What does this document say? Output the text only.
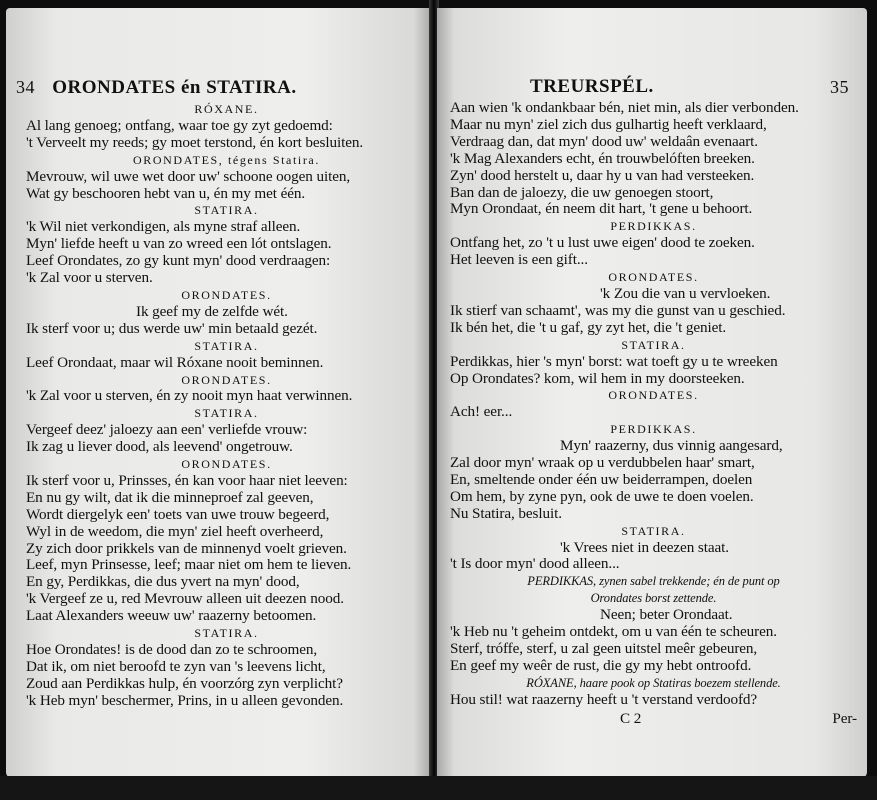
34 ORONDATES én STATIRA.
RÓXANE.
Al lang genoeg; ontfang, waar toe gy zyt gedoemd:
't Verveelt my reeds; gy moet terstond, én kort besluiten.
ORONDATES, tégens Statira.
Mevrouw, wil uwe wet door uw' schoone oogen uiten,
Wat gy beschooren hebt van u, én my met één.
STATIRA.
'k Wil niet verkondigen, als myne straf alleen.
Myn' liefde heeft u van zo wreed een lót ontslagen.
Leef Orondates, zo gy kunt myn' dood verdraagen:
'k Zal voor u sterven.
ORONDATES.
Ik geef my de zelfde wét.
Ik sterf voor u; dus werde uw' min betaald gezét.
STATIRA.
Leef Orondaat, maar wil Róxane nooit beminnen.
ORONDATES.
'k Zal voor u sterven, én zy nooit myn haat verwinnen.
STATIRA.
Vergeef deez' jaloezy aan een' verliefde vrouw:
Ik zag u liever dood, als leevend' ongetrouw.
ORONDATES.
Ik sterf voor u, Prinsses, én kan voor haar niet leeven:
En nu gy wilt, dat ik die minneproef zal geeven,
Wordt diergelyk een' toets van uwe trouw begeerd,
Wyl in de weedom, die myn' ziel heeft overheerd,
Zy zich door prikkels van de minnenyd voelt grieven.
Leef, myn Prinsesse, leef; maar niet om hem te lieven.
En gy, Perdikkas, die dus yvert na myn' dood,
'k Vergeef ze u, red Mevrouw alleen uit deezen nood.
Laat Alexanders weeuw uw' raazerny betoomen.
STATIRA.
Hoe Orondates! is de dood dan zo te schroomen,
Dat ik, om niet beroofd te zyn van 's leevens licht,
Zoud aan Perdikkas hulp, én voorzórg zyn verplicht?
'k Heb myn' beschermer, Prins, in u alleen gevonden.
TREURSPÉL.	35
Aan wien 'k ondankbaar bén, niet min, als dier verbonden.
Maar nu myn' ziel zich dus gulhartig heeft verklaard,
Verdraag dan, dat myn' dood uw' weldaân evenaart.
'k Mag Alexanders echt, én trouwbelóften breeken.
Zyn' dood herstelt u, daar hy u van had versteeken.
Ban dan de jaloezy, die uw genoegen stoort,
Myn Orondaat, én neem dit hart, 't gene u behoort.
PERDIKKAS.
Ontfang het, zo 't u lust uwe eigen' dood te zoeken.
Het leeven is een gift...
ORONDATES.
'k Zou die van u vervloeken.
Ik stierf van schaamt', was my die gunst van u geschied.
Ik bén het, die 't u gaf, gy zyt het, die 't geniet.
STATIRA.
Perdikkas, hier 's myn' borst: wat toeft gy u te wreeken
Op Orondates? kom, wil hem in my doorsteeken.
ORONDATES.
Ach! eer...
PERDIKKAS.
Myn' raazerny, dus vinnig aangesard,
Zal door myn' wraak op u verdubbelen haar' smart,
En, smeltende onder één uw beiderrampen, doelen
Om hem, by zyne pyn, ook de uwe te doen voelen.
Nu Statira, besluit.
STATIRA.
'k Vrees niet in deezen staat.
't Is door myn' dood alleen...
PERDIKKAS, zynen sabel trekkende; én de punt op
Orondates borst zettende.
Neen; beter Orondaat.
'k Heb nu 't geheim ontdekt, om u van één te scheuren.
Sterf, tróffe, sterf, u zal geen uitstel meêr gebeuren,
En geef my weêr de rust, die gy my hebt ontroofd.
RÓXANE, haare pook op Statiras boezem stellende.
Hou stil! wat raazerny heeft u 't verstand verdoofd?
C 2	Per-
